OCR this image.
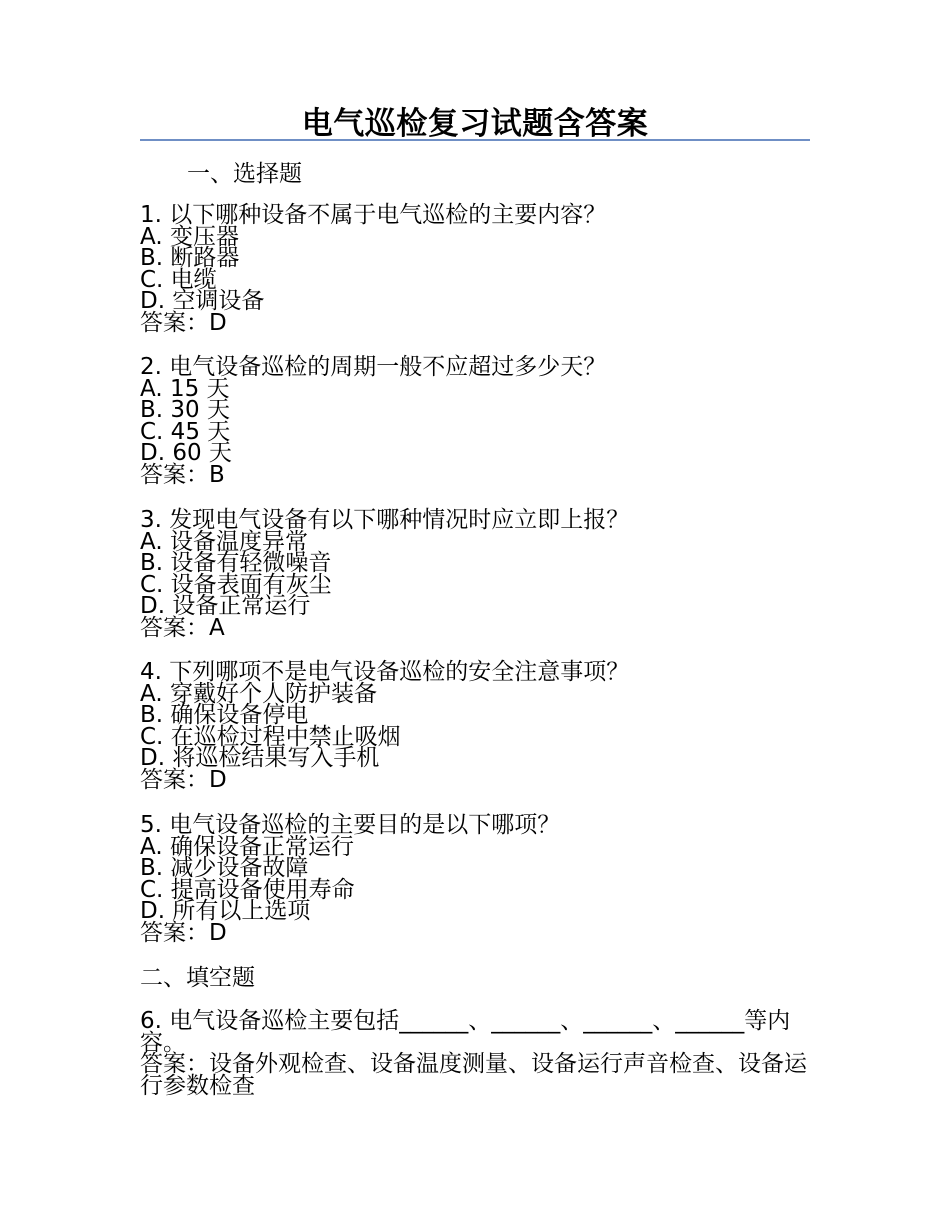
电气巡检复习试题含答案
一、选择题
1. 以下哪种设备不属于电气巡检的主要内容？
A. 变压器
B. 断路器
C. 电缆
D. 空调设备
答案：D
2. 电气设备巡检的周期一般不应超过多少天？
A. 15 天
B. 30 天
C. 45 天
D. 60 天
答案：B
3. 发现电气设备有以下哪种情况时应立即上报？
A. 设备温度异常
B. 设备有轻微噪音
C. 设备表面有灰尘
D. 设备正常运行
答案：A
4. 下列哪项不是电气设备巡检的安全注意事项？
A. 穿戴好个人防护装备
B. 确保设备停电
C. 在巡检过程中禁止吸烟
D. 将巡检结果写入手机
答案：D
5. 电气设备巡检的主要目的是以下哪项？
A. 确保设备正常运行
B. 减少设备故障
C. 提高设备使用寿命
D. 所有以上选项
答案：D
二、填空题
6. 电气设备巡检主要包括______、______、______、______等内容。
答案：设备外观检查、设备温度测量、设备运行声音检查、设备运行参数检查
